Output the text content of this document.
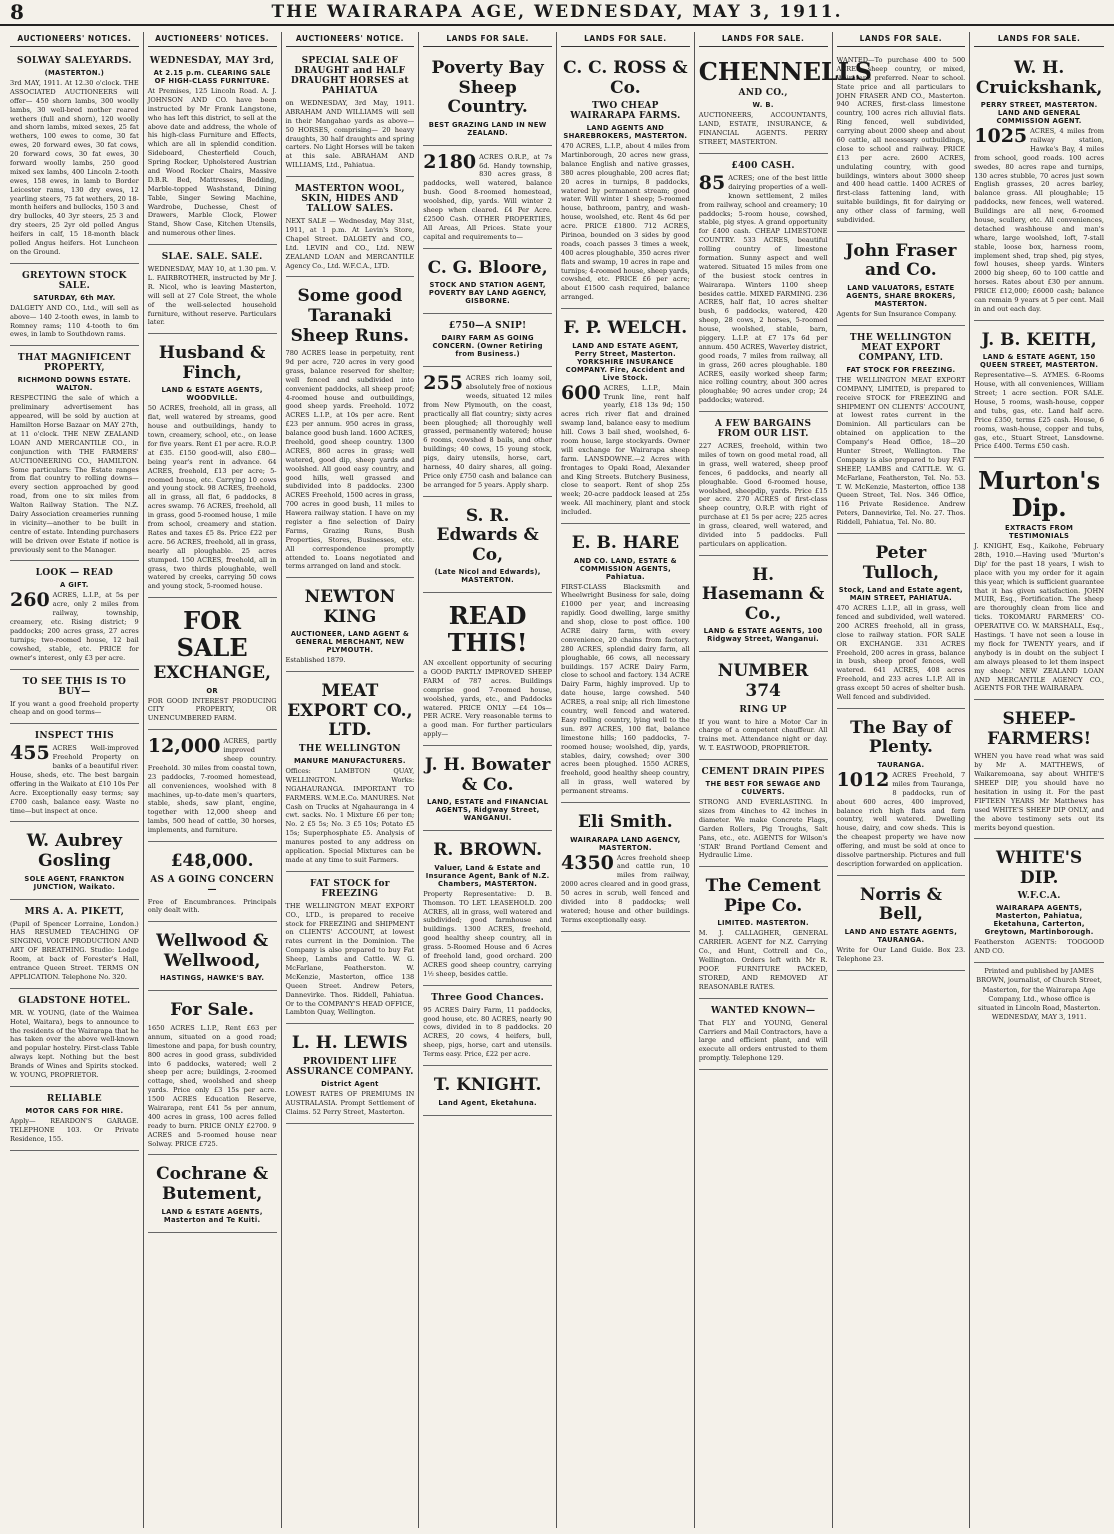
8	THE WAIRARAPA AGE, WEDNESDAY, MAY 3, 1911.
AUCTIONEERS' NOTICES.
SOLWAY SALEYARDS.
(MASTERTON.)
3rd MAY, 1911. At 12.30 o'clock. THE ASSOCIATED AUCTIONEERS will offer— 450 shorn lambs, 300 woolly lambs, 30 well-bred mother reared wethers (full and shorn), 120 woolly and shorn lambs, mixed sexes, 25 fat wethers, 100 ewes to come, 30 fat ewes, 20 forward ewes, 30 fat cows, 20 forward cows, 30 fat ewes, 30 forward woolly lambs, 250 good mixed sex lambs, 400 Lincoln 2-tooth ewes, 158 ewes, in lamb to Border Leicester rams, 130 dry ewes, 12 yearling steers, 75 fat wethers, 20 18-month heifers and bullocks, 150 3 and dry bullocks, 40 3yr steers, 25 3 and dry steers, 25 2yr old polled Angus heifers in calf, 15 18-month black polled Angus heifers. Hot Luncheon on the Ground.
GREYTOWN STOCK SALE.
SATURDAY, 6th MAY.
DALGETY AND CO., Ltd., will sell as above— 140 2-tooth ewes, in lamb to Romney rams; 110 4-tooth to 6m ewes, in lamb to Southdown rams.
THAT MAGNIFICENT PROPERTY,
RICHMOND DOWNS ESTATE. WALTON.
RESPECTING the sale of which a preliminary advertisement has appeared, will be sold by auction at Hamilton Horse Bazaar on MAY 27th, at 11 o'clock. THE NEW ZEALAND LOAN AND MERCANTILE CO., in conjunction with THE FARMERS' AUCTIONEERING CO., HAMILTON. Some particulars: The Estate ranges from flat country to rolling downs—every section approached by good road, from one to six miles from Walton Railway Station. The N.Z. Dairy Association creameries running in vicinity—another to be built in centre of estate. Intending purchasers will be driven over Estate if notice is previously sent to the Manager.
LOOK — READ
A GIFT.
260 ACRES, L.I.P., at 5s per acre, only 2 miles from railway, township, creamery, etc. Rising district; 9 paddocks; 200 acres grass, 27 acres turnips; two-roomed house, 12 bail cowshed, stable, etc. PRICE for owner's interest, only £3 per acre.
TO SEE THIS IS TO BUY—
If you want a good freehold property cheap and on good terms—
INSPECT THIS
455 ACRES Well-improved Freehold Property on banks of a beautiful river. House, sheds, etc. The best bargain offering in the Waikato at £10 10s Per Acre. Exceptionally easy terms; say £700 cash, balance easy. Waste no time—but inspect at once.
W. Aubrey Gosling
SOLE AGENT, FRANKTON JUNCTION, Waikato.
MRS A. A. PIKETT,
(Pupil of Spencer Lorraine, London.) HAS RESUMED TEACHING OF SINGING, VOICE PRODUCTION AND ART OF BREATHING. Studio: Lodge Room, at back of Forester's Hall, entrance Queen Street. TERMS ON APPLICATION. Telephone No. 320.
GLADSTONE HOTEL.
MR. W. YOUNG, (late of the Waimea Hotel, Waitara), begs to announce to the residents of the Wairarapa that he has taken over the above well-known and popular hostelry. First-class Table always kept. Nothing but the best Brands of Wines and Spirits stocked. W. YOUNG, PROPRIETOR.
RELIABLE
MOTOR CARS FOR HIRE.
Apply— REARDON'S GARAGE. TELEPHONE 103. Or Private Residence, 155.
AUCTIONEERS' NOTICES.
WEDNESDAY, MAY 3rd,
At 2.15 p.m. CLEARING SALE OF HIGH-CLASS FURNITURE.
At Premises, 125 Lincoln Road. A. J. JOHNSON AND CO. have been instructed by Mr Frank Langstone, who has left this district, to sell at the above date and address, the whole of his high-class Furniture and Effects, which are all in splendid condition. Sideboard, Chesterfield Couch, Spring Rocker, Upholstered Austrian and Wood Rocker Chairs, Massive D.B.R. Bed, Mattresses, Bedding, Marble-topped Washstand, Dining Table, Singer Sewing Machine, Wardrobe, Duchesse, Chest of Drawers, Marble Clock, Flower Stand, Show Case, Kitchen Utensils, and numerous other lines.
SLAE. SALE. SALE.
WEDNESDAY, MAY 10, at 1.30 pm. V. L. FAIRBROTHER, instructed by Mr J. R. Nicol, who is leaving Masterton, will sell at 27 Cole Street, the whole of the well-selected household furniture, without reserve. Particulars later.
Husband & Finch,
LAND & ESTATE AGENTS, WOODVILLE.
50 ACRES, freehold, all in grass, all flat, well watered by streams, good house and outbuildings, handy to town, creamery, school, etc., on lease for five years. Rent £1 per acre. R.O.P. at £35. £150 good-will, also £80—being year's rent in advance. 64 ACRES, freehold, £13 per acre; 5-roomed house, etc. Carrying 10 cows and young stock. 98 ACRES, freehold, all in grass, all flat, 6 paddocks, 8 acres swamp. 76 ACRES, freehold, all in grass, good 5-roomed house, 1 mile from school, creamery and station. Rates and taxes £5 8s. Price £22 per acre. 56 ACRES, freehold, all in grass, nearly all ploughable. 25 acres stumped. 150 ACRES, freehold, all in grass, two thirds ploughable, well watered by creeks, carrying 50 cows and young stock, 5-roomed house.
FOR SALE
EXCHANGE,
OR
FOR GOOD INTEREST PRODUCING CITY PROPERTY, OR UNENCUMBERED FARM.
12,000 ACRES, partly improved sheep country. Freehold. 30 miles from coastal town, 23 paddocks, 7-roomed homestead, all conveniences, woolshed with 8 machines, up-to-date men's quarters, stable, sheds, saw plant, engine, together with 12,000 sheep and lambs, 500 head of cattle, 30 horses, implements, and furniture.
£48,000.
AS A GOING CONCERN—
Free of Encumbrances. Principals only dealt with.
Wellwood & Wellwood,
HASTINGS, HAWKE'S BAY.
For Sale.
1650 ACRES L.I.P., Rent £63 per annum, situated on a good road; limestone and papa, for bush country, 800 acres in good grass, subdivided into 6 paddocks, watered; well 2 sheep per acre; buildings, 2-roomed cottage, shed, woolshed and sheep yards. Price only £3 15s per acre. 1500 ACRES Education Reserve, Wairarapa, rent £41 5s per annum, 400 acres in grass, 100 acres felled ready to burn. PRICE ONLY £2700. 9 ACRES and 5-roomed house near Solway. PRICE £725.
Cochrane & Butement,
LAND & ESTATE AGENTS, Masterton and Te Kuiti.
AUCTIONEERS' NOTICE.
SPECIAL SALE OF DRAUGHT and HALF DRAUGHT HORSES at PAHIATUA
on WEDNESDAY, 3rd May, 1911. ABRAHAM AND WILLIAMS will sell in their Mangahao yards as above— 50 HORSES, comprising— 20 heavy draughts, 30 half draughts and spring carters. No Light Horses will be taken at this sale. ABRAHAM AND WILLIAMS, Ltd., Pahiatua.
MASTERTON WOOL, SKIN, HIDES AND TALLOW SALES.
NEXT SALE — Wednesday, May 31st, 1911, at 1 p.m. At Levin's Store, Chapel Street. DALGETY and CO., Ltd. LEVIN and CO., Ltd. NEW ZEALAND LOAN and MERCANTILE Agency Co., Ltd. W.F.C.A., LTD.
Some good Taranaki Sheep Runs.
780 ACRES lease in perpetuity, rent 9d per acre, 720 acres in very good grass, balance reserved for shelter; well fenced and subdivided into convenient paddocks, all sheep proof; 4-roomed house and outbuildings, good sheep yards. Freehold. 1072 ACRES L.I.P., at 10s per acre. Rent £23 per annum. 950 acres in grass, balance good bush land. 1600 ACRES, freehold, good sheep country. 1300 ACRES, 860 acres in grass; well watered, good dip, sheep yards and woolshed. All good easy country, and good hills, well grassed and subdivided into 8 paddocks. 2300 ACRES Freehold, 1500 acres in grass, 700 acres in good bush, 11 miles to Hawera railway station. I have on my register a fine selection of Dairy Farms, Grazing Runs, Bush Properties, Stores, Businesses, etc. All correspondence promptly attended to. Loans negotiated and terms arranged on land and stock.
NEWTON KING
AUCTIONEER, LAND AGENT & GENERAL MERCHANT, NEW PLYMOUTH.
Established 1879.
MEAT EXPORT CO., LTD.
THE WELLINGTON
MANURE MANUFACTURERS.
Offices: LAMBTON QUAY, WELLINGTON. Works: NGAHAURANGA. IMPORTANT TO FARMERS. W.M.E.Co. MANURES. Net Cash on Trucks at Ngahauranga in 4 cwt. sacks. No. 1 Mixture £6 per ton; No. 2 £5 5s; No. 3 £5 10s; Potato £5 15s; Superphosphate £5. Analysis of manures posted to any address on application. Special Mixtures can be made at any time to suit Farmers.
FAT STOCK for FREEZING
THE WELLINGTON MEAT EXPORT CO., LTD., is prepared to receive stock for FREEZING and SHIPMENT on CLIENTS' ACCOUNT, at lowest rates current in the Dominion. The Company is also prepared to buy Fat Sheep, Lambs and Cattle. W. G. McFarlane, Featherston. W. McKenzie, Masterton, office 138 Queen Street. Andrew Peters, Dannevirke. Thos. Riddell, Pahiatua. Or to the COMPANY'S HEAD OFFICE, Lambton Quay, Wellington.
L. H. LEWIS
PROVIDENT LIFE ASSURANCE COMPANY.
District Agent
LOWEST RATES OF PREMIUMS IN AUSTRALASIA. Prompt Settlement of Claims. 52 Perry Street, Masterton.
LANDS FOR SALE.
Poverty Bay Sheep Country.
BEST GRAZING LAND IN NEW ZEALAND.
2180 ACRES O.R.P., at 7s 6d. Handy township, 830 acres grass, 8 paddocks, well watered, balance bush. Good 8-roomed homestead, woolshed, dip, yards. Will winter 2 sheep when cleared. £4 Per Acre. £2500 Cash. OTHER PROPERTIES, All Areas, All Prices. State your capital and requirements to—
C. G. Bloore,
STOCK AND STATION AGENT, POVERTY BAY LAND AGENCY, GISBORNE.
£750—A SNIP!
DAIRY FARM AS GOING CONCERN. (Owner Retiring from Business.)
255 ACRES rich loamy soil, absolutely free of noxious weeds, situated 12 miles from New Plymouth, on the coast, practically all flat country; sixty acres been ploughed; all thoroughly well grassed, permanently watered; house 6 rooms, cowshed 8 bails, and other buildings; 40 cows, 15 young stock, pigs, dairy utensils, horse, cart, harness, 40 dairy shares, all going. Price only £750 cash and balance can be arranged for 5 years. Apply sharp.
S. R. Edwards & Co,
(Late Nicol and Edwards), MASTERTON.
READ THIS!
AN excellent opportunity of securing a GOOD PARTLY IMPROVED SHEEP FARM of 787 acres. Buildings comprise good 7-roomed house, woolshed, yards, etc., and Paddocks watered. PRICE ONLY —£4 10s— PER ACRE. Very reasonable terms to a good man. For further particulars apply—
J. H. Bowater & Co.
LAND, ESTATE and FINANCIAL AGENTS, Ridgway Street, WANGANUI.
R. BROWN.
Valuer, Land & Estate and Insurance Agent, Bank of N.Z. Chambers, MASTERTON.
Property Representative: D. B. Thomson. TO LET. LEASEHOLD. 200 ACRES, all in grass, well watered and subdivided; good farmhouse and buildings. 1300 ACRES, freehold, good healthy sheep country, all in grass. 5-Roomed House and 6 Acres of freehold land, good orchard. 200 ACRES good sheep country, carrying 1½ sheep, besides cattle.
Three Good Chances.
95 ACRES Dairy Farm, 11 paddocks, good house, etc. 80 ACRES, nearly 90 cows, divided in to 8 paddocks. 20 ACRES, 20 cows, 4 heifers, bull, sheep, pigs, horse, cart and utensils. Terms easy. Price, £22 per acre.
T. KNIGHT.
Land Agent, Eketahuna.
LANDS FOR SALE.
C. C. ROSS & Co.
TWO CHEAP WAIRARAPA FARMS.
LAND AGENTS AND SHAREBROKERS, MASTERTON.
470 ACRES, L.I.P., about 4 miles from Martinborough, 20 acres new grass, balance English and native grasses, 380 acres ploughable, 200 acres flat; 20 acres in turnips, 8 paddocks, watered by permanent stream; good water. Will winter 1 sheep; 5-roomed house, bathroom, pantry, and wash-house, woolshed, etc. Rent 4s 6d per acre. PRICE £1800. 712 ACRES, Pirinoa, bounded on 3 sides by good roads, coach passes 3 times a week, 400 acres ploughable, 350 acres river flats and swamp, 10 acres in rape and turnips; 4-roomed house, sheep yards, cowshed, etc. PRICE £6 per acre; about £1500 cash required, balance arranged.
F. P. WELCH.
LAND AND ESTATE AGENT, Perry Street, Masterton. YORKSHIRE INSURANCE COMPANY. Fire, Accident and Live Stock.
600 ACRES, L.I.P., Main Trunk line, rent half yearly, £18 13s 9d; 150 acres rich river flat and drained swamp land, balance easy to medium hill. Cows 3 bail shed, woolshed, 6-room house, large stockyards. Owner will exchange for Wairarapa sheep farm. LANSDOWNE.—2 Acres with frontages to Opaki Road, Alexander and King Streets. Butchery Business, close to seaport. Rent of shop 25s week; 20-acre paddock leased at 25s week. All machinery, plant and stock included.
E. B. HARE
AND CO. LAND, ESTATE & COMMISSION AGENTS, Pahiatua.
FIRST-CLASS Blacksmith and Wheelwright Business for sale, doing £1000 per year, and increasing rapidly. Good dwelling, large smithy and shop, close to post office. 100 ACRE dairy farm, with every convenience, 20 chains from factory. 280 ACRES, splendid dairy farm, all ploughable, 66 cows, all necessary buildings. 157 ACRE Dairy Farm, close to school and factory. 134 ACRE Dairy Farm, highly improved. Up to date house, large cowshed. 540 ACRES, a real snip; all rich limestone country, well fenced and watered. Easy rolling country, lying well to the sun. 897 ACRES, 100 flat, balance limestone hills; 160 paddocks, 7-roomed house; woolshed, dip, yards, stables, dairy, cowshed; over 300 acres been ploughed. 1550 ACRES, freehold, good healthy sheep country, all in grass, well watered by permanent streams.
Eli Smith.
WAIRARAPA LAND AGENCY, MASTERTON.
4350 Acres freehold sheep and cattle run, 10 miles from railway, 2000 acres cleared and in good grass, 50 acres in scrub, well fenced and divided into 8 paddocks; well watered; house and other buildings. Terms exceptionally easy.
LANDS FOR SALE.
CHENNELLS
AND CO.,
W. B.
AUCTIONEERS, ACCOUNTANTS, LAND, ESTATE, INSURANCE, & FINANCIAL AGENTS. PERRY STREET, MASTERTON.
£400 CASH.
85 ACRES; one of the best little dairying properties of a well-known settlement, 2 miles from railway, school and creamery; 10 paddocks; 5-room house, cowshed, stable, pig styes. A grand opportunity for £400 cash. CHEAP LIMESTONE COUNTRY. 533 ACRES, beautiful rolling country of limestone formation. Sunny aspect and well watered. Situated 15 miles from one of the busiest stock centres in Wairarapa. Winters 1100 sheep besides cattle. MIXED FARMING. 236 ACRES, half flat, 10 acres shelter bush, 6 paddocks, watered, 420 sheep, 28 cows, 2 horses, 5-roomed house, woolshed, stable, barn, piggery. L.I.P. at £7 17s 6d per annum. 450 ACRES, Waverley district, good roads, 7 miles from railway, all in grass, 260 acres ploughable. 180 ACRES, easily worked sheep farm; nice rolling country, about 300 acres ploughable; 90 acres under crop; 24 paddocks; watered.
A FEW BARGAINS FROM OUR LIST.
227 ACRES, freehold, within two miles of town on good metal road, all in grass, well watered, sheep proof fences, 6 paddocks, and nearly all ploughable. Good 6-roomed house, woolshed, sheepdip, yards. Price £15 per acre. 270 ACRES of first-class sheep country, O.R.P. with right of purchase at £1 5s per acre; 225 acres in grass, cleared, well watered, and divided into 5 paddocks. Full particulars on application.
H. Hasemann & Co.,
LAND & ESTATE AGENTS, 100 Ridgway Street, Wanganui.
NUMBER 374
RING UP
If you want to hire a Motor Car in charge of a competent chauffeur. All trains met. Attendance night or day. W. T. EASTWOOD, PROPRIETOR.
CEMENT DRAIN PIPES
THE BEST FOR SEWAGE AND CULVERTS.
STRONG AND EVERLASTING. In sizes from 4inches to 42 inches in diameter. We make Concrete Flags, Garden Rollers, Pig Troughs, Salt Pans, etc., etc. AGENTS for Wilson's 'STAR' Brand Portland Cement and Hydraulic Lime.
The Cement Pipe Co.
LIMITED. MASTERTON.
M. J. CALLAGHER, GENERAL CARRIER. AGENT for N.Z. Carrying Co., and Hunt, Cottrell and Co., Wellington. Orders left with Mr R. POOF. FURNITURE PACKED, STORED, AND REMOVED AT REASONABLE RATES.
WANTED KNOWN—
That FLY and YOUNG, General Carriers and Mail Contractors, have a large and efficient plant, and will execute all orders entrusted to them promptly. Telephone 129.
LANDS FOR SALE.
WANTED—To purchase 400 to 500 ACRES sheep country, or mixed, Wairarapa preferred. Near to school. State price and all particulars to JOHN FRASER AND CO., Masterton. 940 ACRES, first-class limestone country, 100 acres rich alluvial flats. Ring fenced, well subdivided, carrying about 2000 sheep and about 60 cattle, all necessary outbuildings, close to school and railway. PRICE £13 per acre. 2600 ACRES, undulating country, with good buildings, winters about 3000 sheep and 400 head cattle. 1400 ACRES of first-class fattening land, with suitable buildings, fit for dairying or any other class of farming, well subdivided.
John Fraser and Co.
LAND VALUATORS, ESTATE AGENTS, SHARE BROKERS, MASTERTON.
Agents for Sun Insurance Company.
THE WELLINGTON MEAT EXPORT COMPANY, LTD.
FAT STOCK FOR FREEZING.
THE WELLINGTON MEAT EXPORT COMPANY, LIMITED, is prepared to receive STOCK for FREEZING and SHIPMENT ON CLIENTS' ACCOUNT, at lowest rates current in the Dominion. All particulars can be obtained on application to the Company's Head Office, 18—20 Hunter Street, Wellington. The Company is also prepared to buy FAT SHEEP, LAMBS and CATTLE. W. G. McFarlane, Featherston, Tel. No. 53. T. W. McKenzie, Masterton, office 138 Queen Street, Tel. Nos. 346 Office, 116 Private Residence. Andrew Peters, Dannevirke, Tel. No. 27. Thos. Riddell, Pahiatua, Tel. No. 80.
Peter Tulloch,
Stock, Land and Estate agent, MAIN STREET, PAHIATUA.
470 ACRES L.I.P., all in grass, well fenced and subdivided, well watered. 200 ACRES freehold, all in grass, close to railway station. FOR SALE OR EXCHANGE. 331 ACRES Freehold, 200 acres in grass, balance in bush, sheep proof fences, well watered. 641 ACRES, 408 acres Freehold, and 233 acres L.I.P. All in grass except 50 acres of shelter bush. Well fenced and subdivided.
The Bay of Plenty.
TAURANGA.
1012 ACRES Freehold, 7 miles from Tauranga, 8 paddocks, run of about 600 acres, 400 improved, balance rich high flats and fern country, well watered. Dwelling house, dairy, and cow sheds. This is the cheapest property we have now offering, and must be sold at once to dissolve partnership. Pictures and full description forwarded on application.
Norris & Bell,
LAND AND ESTATE AGENTS, TAURANGA.
Write for Our Land Guide. Box 23. Telephone 23.
LANDS FOR SALE.
W. H. Cruickshank,
PERRY STREET, MASTERTON. LAND AND GENERAL COMMISSION AGENT.
1025 ACRES, 4 miles from railway station, Hawke's Bay, 4 miles from school, good roads. 100 acres swedes, 80 acres rape and turnips, 130 acres stubble, 70 acres just sown English grasses, 20 acres barley, balance grass. All ploughable; 15 paddocks, new fences, well watered. Buildings are all new, 6-roomed house, scullery, etc. All conveniences, detached washhouse and man's whare, large woolshed, loft, 7-stall stable, loose box, harness room, implement shed, trap shed, pig styes, fowl houses, sheep yards. Winters 2000 big sheep, 60 to 100 cattle and horses. Rates about £30 per annum. PRICE £12,000; £6000 cash; balance can remain 9 years at 5 per cent. Mail in and out each day.
J. B. KEITH,
LAND & ESTATE AGENT, 150 QUEEN STREET, MASTERTON.
Representative—S. AYMES. 6-Rooms House, with all conveniences, William Street; 1 acre section. FOR SALE. House, 5 rooms, wash-house, copper and tubs, gas, etc. Land half acre. Price £350, terms £25 cash. House, 6 rooms, wash-house, copper and tubs, gas, etc., Stuart Street, Lansdowne. Price £400. Terms £50 cash.
Murton's Dip.
EXTRACTS FROM TESTIMONIALS
J. KNIGHT, Esq., Kaikohe, February 28th, 1910.—Having used 'Murton's Dip' for the past 18 years, I wish to place with you my order for it again this year, which is sufficient guarantee that it has given satisfaction. JOHN MUIR, Esq., Fortification. The sheep are thoroughly clean from lice and ticks. TOKOMARU FARMERS' CO-OPERATIVE CO. W. MARSHALL, Esq., Hastings. 'I have not seen a louse in my flock for TWENTY years, and if anybody is in doubt on the subject I am always pleased to let them inspect my sheep.' NEW ZEALAND LOAN AND MERCANTILE AGENCY CO., AGENTS FOR THE WAIRARAPA.
SHEEP-FARMERS!
WHEN you have read what was said by Mr A. MATTHEWS, of Waikaremoana, say about WHITE'S SHEEP DIP, you should have no hesitation in using it. For the past FIFTEEN YEARS Mr Matthews has used WHITE'S SHEEP DIP ONLY, and the above testimony sets out its merits beyond question.
WHITE'S DIP.
W.F.C.A.
WAIRARAPA AGENTS, Masterton, Pahiatua, Eketahuna, Carterton, Greytown, Martinborough.
Featherston AGENTS: TOOGOOD AND CO.
Printed and published by JAMES BROWN, journalist, of Church Street, Masterton, for the Wairarapa Age Company, Ltd., whose office is situated in Lincoln Road, Masterton. WEDNESDAY, MAY 3, 1911.
